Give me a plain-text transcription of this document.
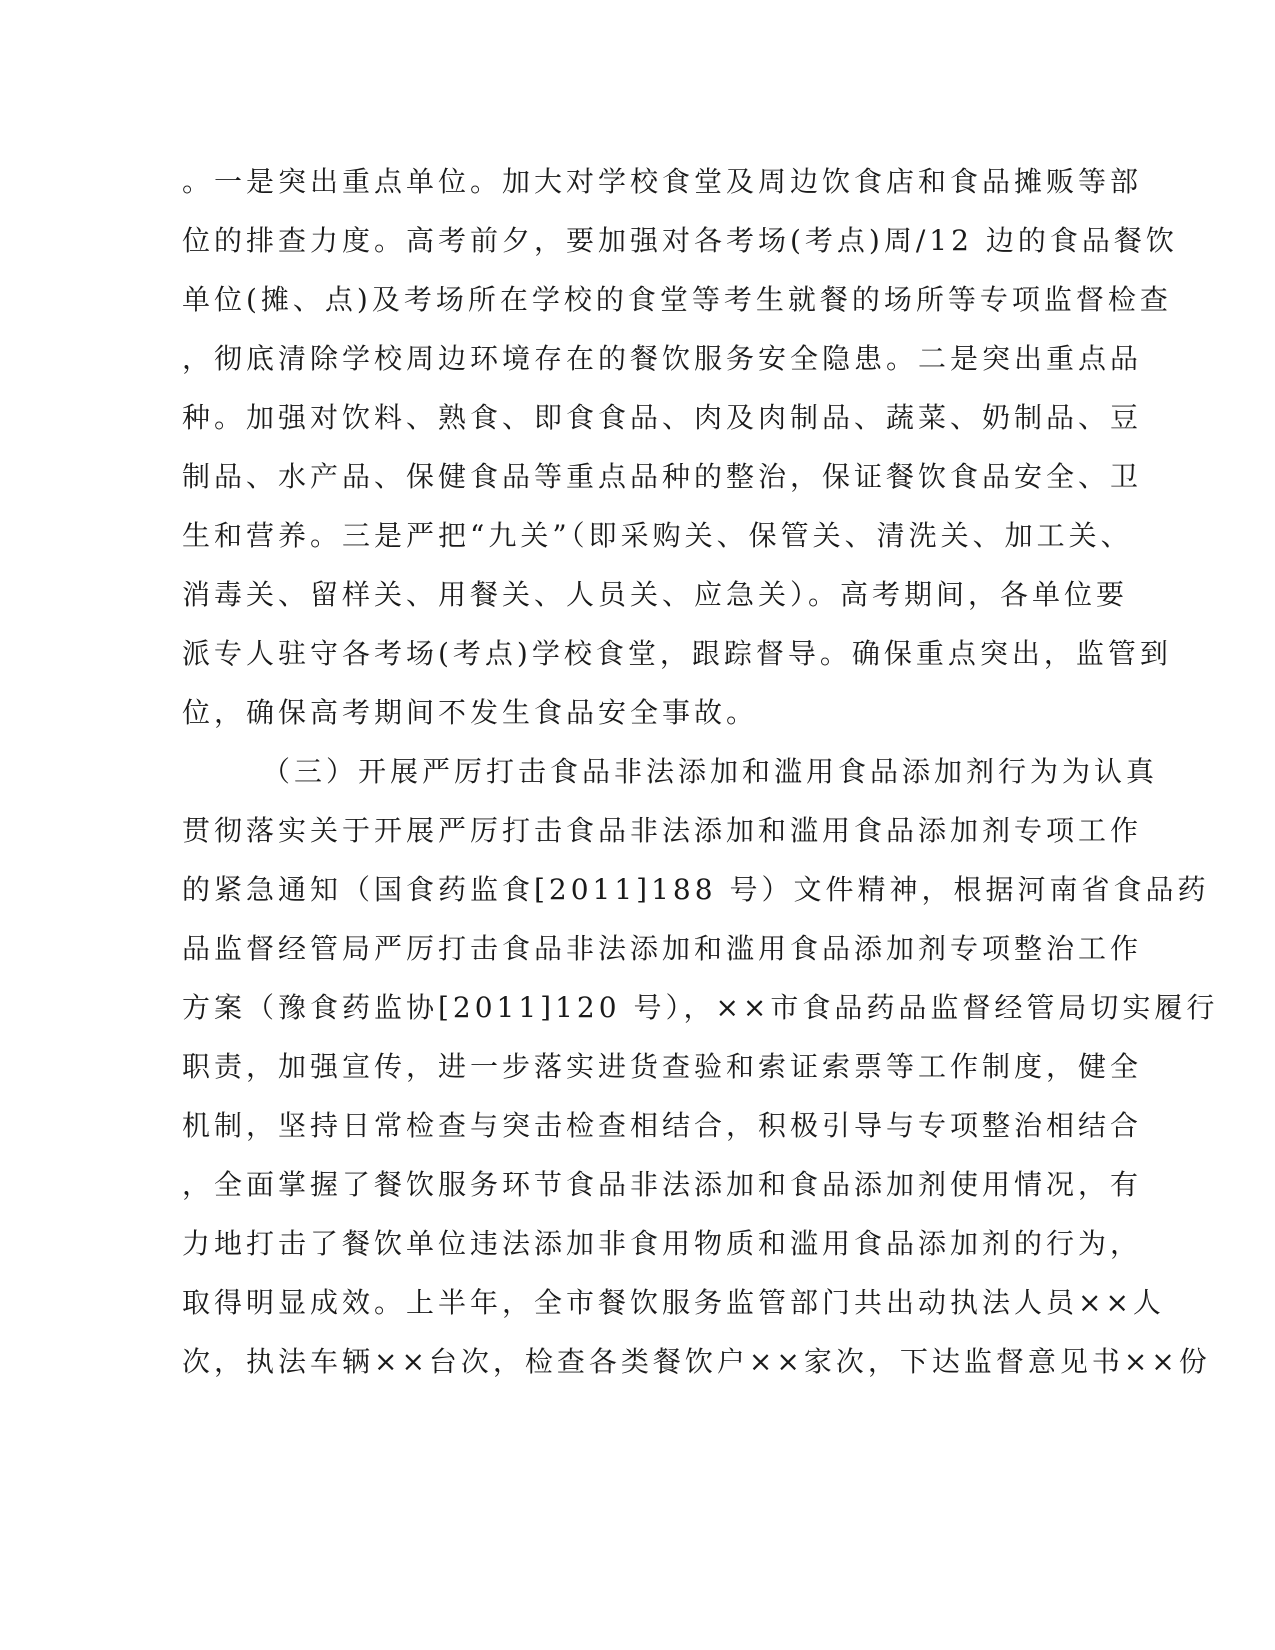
。一是突出重点单位。加大对学校食堂及周边饮食店和食品摊贩等部
位的排查力度。高考前夕，要加强对各考场(考点)周/12 边的食品餐饮
单位(摊、点)及考场所在学校的食堂等考生就餐的场所等专项监督检查
，彻底清除学校周边环境存在的餐饮服务安全隐患。二是突出重点品
种。加强对饮料、熟食、即食食品、肉及肉制品、蔬菜、奶制品、豆
制品、水产品、保健食品等重点品种的整治，保证餐饮食品安全、卫
生和营养。三是严把“九关”（即采购关、保管关、清洗关、加工关、
消毒关、留样关、用餐关、人员关、应急关）。高考期间，各单位要
派专人驻守各考场(考点)学校食堂，跟踪督导。确保重点突出，监管到
位，确保高考期间不发生食品安全事故。
（三）开展严厉打击食品非法添加和滥用食品添加剂行为为认真
贯彻落实关于开展严厉打击食品非法添加和滥用食品添加剂专项工作
的紧急通知（国食药监食[2011]188 号）文件精神，根据河南省食品药
品监督经管局严厉打击食品非法添加和滥用食品添加剂专项整治工作
方案（豫食药监协[2011]120 号），××市食品药品监督经管局切实履行
职责，加强宣传，进一步落实进货查验和索证索票等工作制度，健全
机制，坚持日常检查与突击检查相结合，积极引导与专项整治相结合
，全面掌握了餐饮服务环节食品非法添加和食品添加剂使用情况，有
力地打击了餐饮单位违法添加非食用物质和滥用食品添加剂的行为，
取得明显成效。上半年，全市餐饮服务监管部门共出动执法人员××人
次，执法车辆××台次，检查各类餐饮户××家次，下达监督意见书××份
